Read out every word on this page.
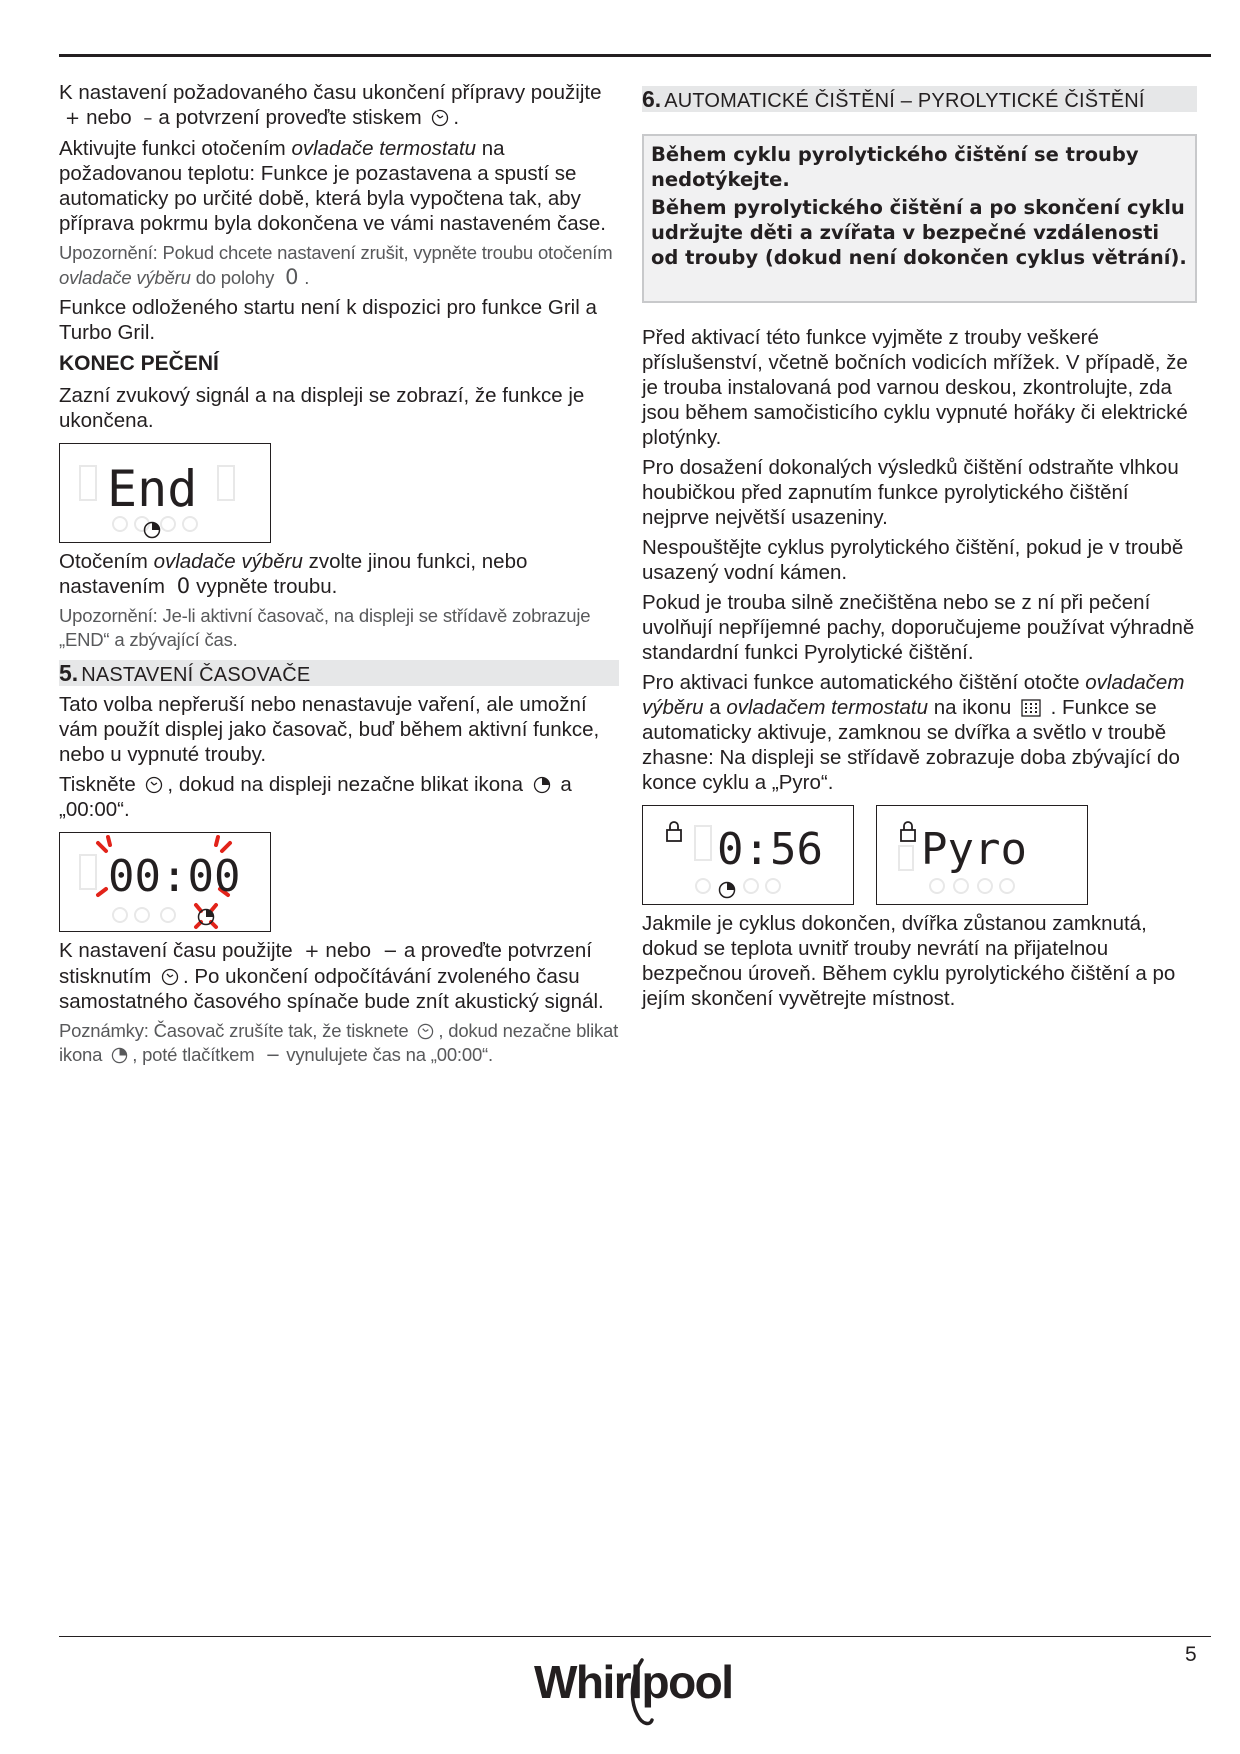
K nastavení požadovaného času ukončení přípravy použijte + nebo – a potvrzení proveďte stiskem .

Aktivujte funkci otočením ovladače termostatu na požadovanou teplotu: Funkce je pozastavena a spustí se automaticky po určité době, která byla vypočtena tak, aby příprava pokrmu byla dokončena ve vámi nastaveném čase.

Upozornění: Pokud chcete nastavení zrušit, vypněte troubu otočením ovladače výběru do polohy 0 .

Funkce odloženého startu není k dispozici pro funkce Gril a Turbo Gril.

KONEC PEČENÍ

Zazní zvukový signál a na displeji se zobrazí, že funkce je ukončena.

End

Otočením ovladače výběru zvolte jinou funkci, nebo nastavením 0 vypněte troubu.

Upozornění: Je-li aktivní časovač, na displeji se střídavě zobrazuje „END“ a zbývající čas.

5. NASTAVENÍ ČASOVAČE

Tato volba nepřeruší nebo nenastavuje vaření, ale umožní vám použít displej jako časovač, buď během aktivní funkce, nebo u vypnuté trouby.

Tiskněte , dokud na displeji nezačne blikat ikona a „00:00“.

00:00

K nastavení času použijte + nebo − a proveďte potvrzení stisknutím . Po ukončení odpočítávání zvoleného času samostatného časového spínače bude znít akustický signál.

Poznámky: Časovač zrušíte tak, že tisknete , dokud nezačne blikat ikona , poté tlačítkem − vynulujete čas na „00:00“.

6. AUTOMATICKÉ ČIŠTĚNÍ – PYROLYTICKÉ ČIŠTĚNÍ

Během cyklu pyrolytického čištění se trouby nedotýkejte.

Během pyrolytického čištění a po skončení cyklu udržujte děti a zvířata v bezpečné vzdálenosti od trouby (dokud není dokončen cyklus větrání).

Před aktivací této funkce vyjměte z trouby veškeré příslušenství, včetně bočních vodicích mřížek. V případě, že je trouba instalovaná pod varnou deskou, zkontrolujte, zda jsou během samočisticího cyklu vypnuté hořáky či elektrické plotýnky.

Pro dosažení dokonalých výsledků čištění odstraňte vlhkou houbičkou před zapnutím funkce pyrolytického čištění nejprve největší usazeniny.

Nespouštějte cyklus pyrolytického čištění, pokud je v troubě usazený vodní kámen.

Pokud je trouba silně znečištěna nebo se z ní při pečení uvolňují nepříjemné pachy, doporučujeme používat výhradně standardní funkci Pyrolytické čištění.

Pro aktivaci funkce automatického čištění otočte ovladačem výběru a ovladačem termostatu na ikonu . Funkce se automaticky aktivuje, zamknou se dvířka a světlo v troubě zhasne: Na displeji se střídavě zobrazuje doba zbývající do konce cyklu a „Pyro“.

0:56 Pyro

Jakmile je cyklus dokončen, dvířka zůstanou zamknutá, dokud se teplota uvnitř trouby nevrátí na přijatelnou bezpečnou úroveň. Během cyklu pyrolytického čištění a po jejím skončení vyvětrejte místnost.

5
Whirlpool
